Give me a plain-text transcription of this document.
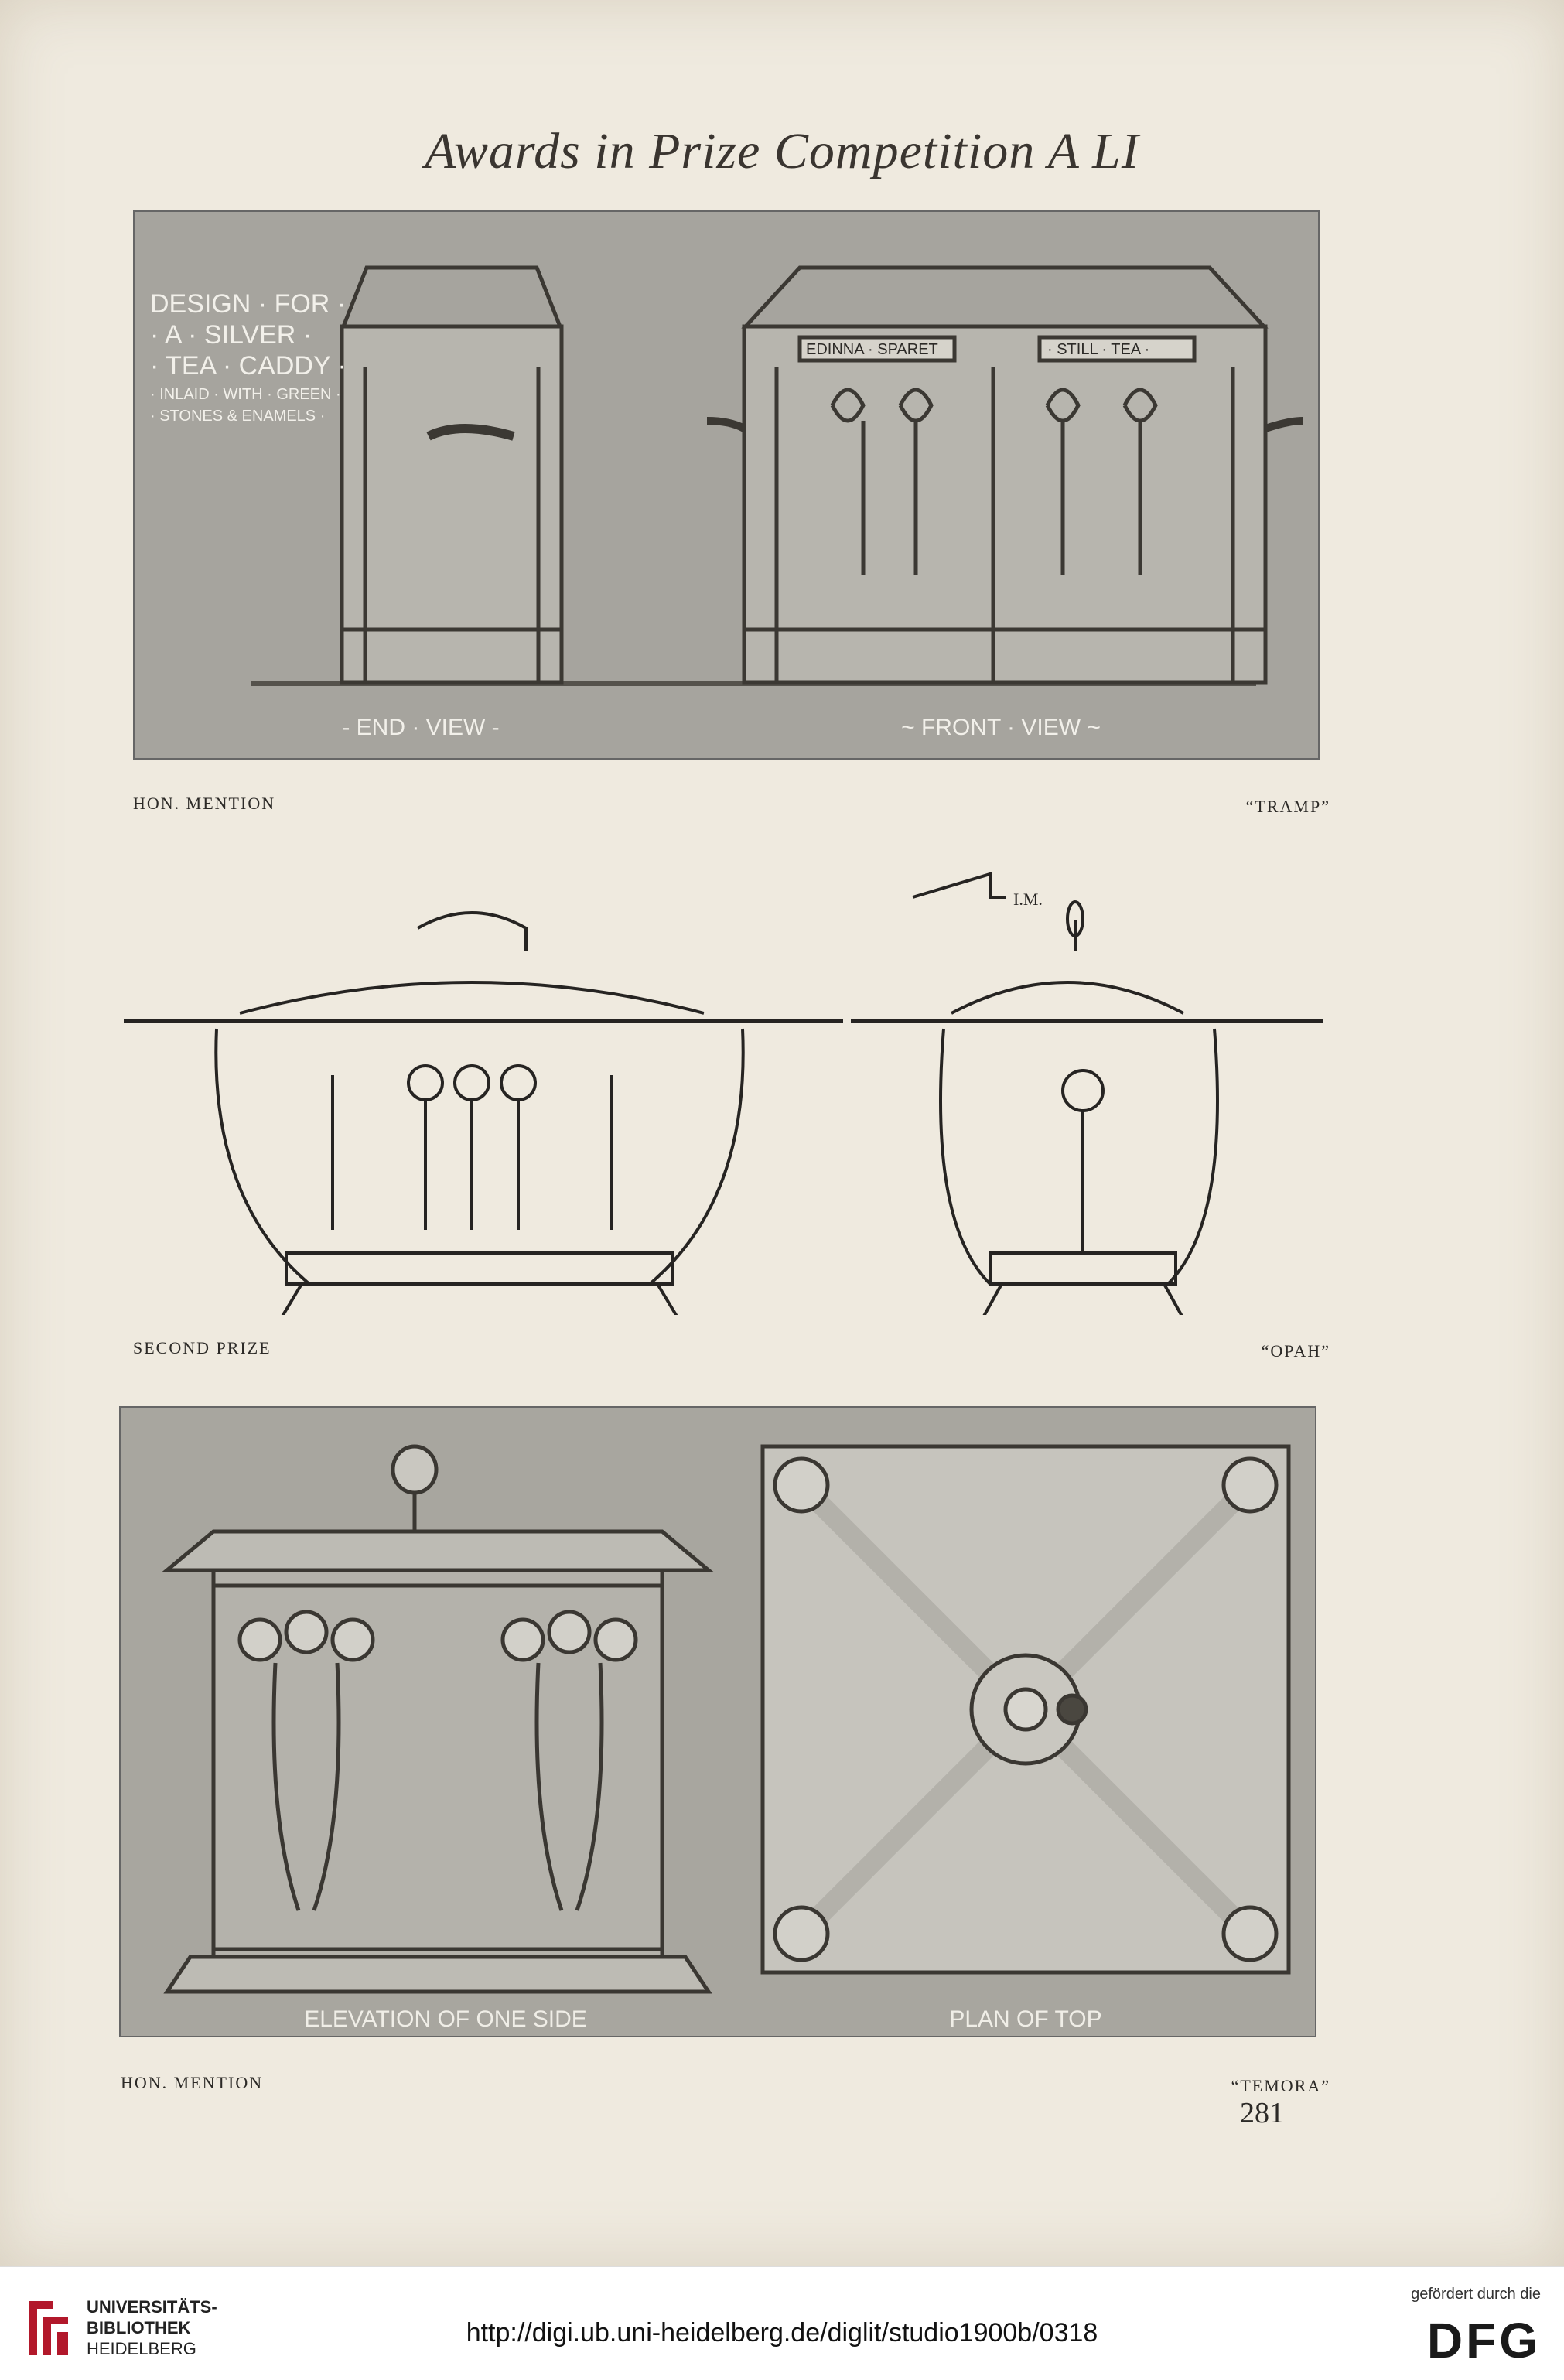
Awards in Prize Competition A LI
DESIGN · FOR ·
· A · SILVER ·
· TEA · CADDY ·
· INLAID · WITH · GREEN ·
· STONES & ENAMELS ·
EDINNA · SPARET	· STILL · TEA ·
- END · VIEW -	~ FRONT · VIEW ~
HON. MENTION	“TRAMP”
I.M.
SECOND PRIZE	“OPAH”
ELEVATION OF ONE SIDE	PLAN OF TOP
HON. MENTION	“TEMORA”
281
UNIVERSITÄTS-
BIBLIOTHEK
HEIDELBERG
http://digi.ub.uni-heidelberg.de/diglit/studio1900b/0318
gefördert durch die
DFG
